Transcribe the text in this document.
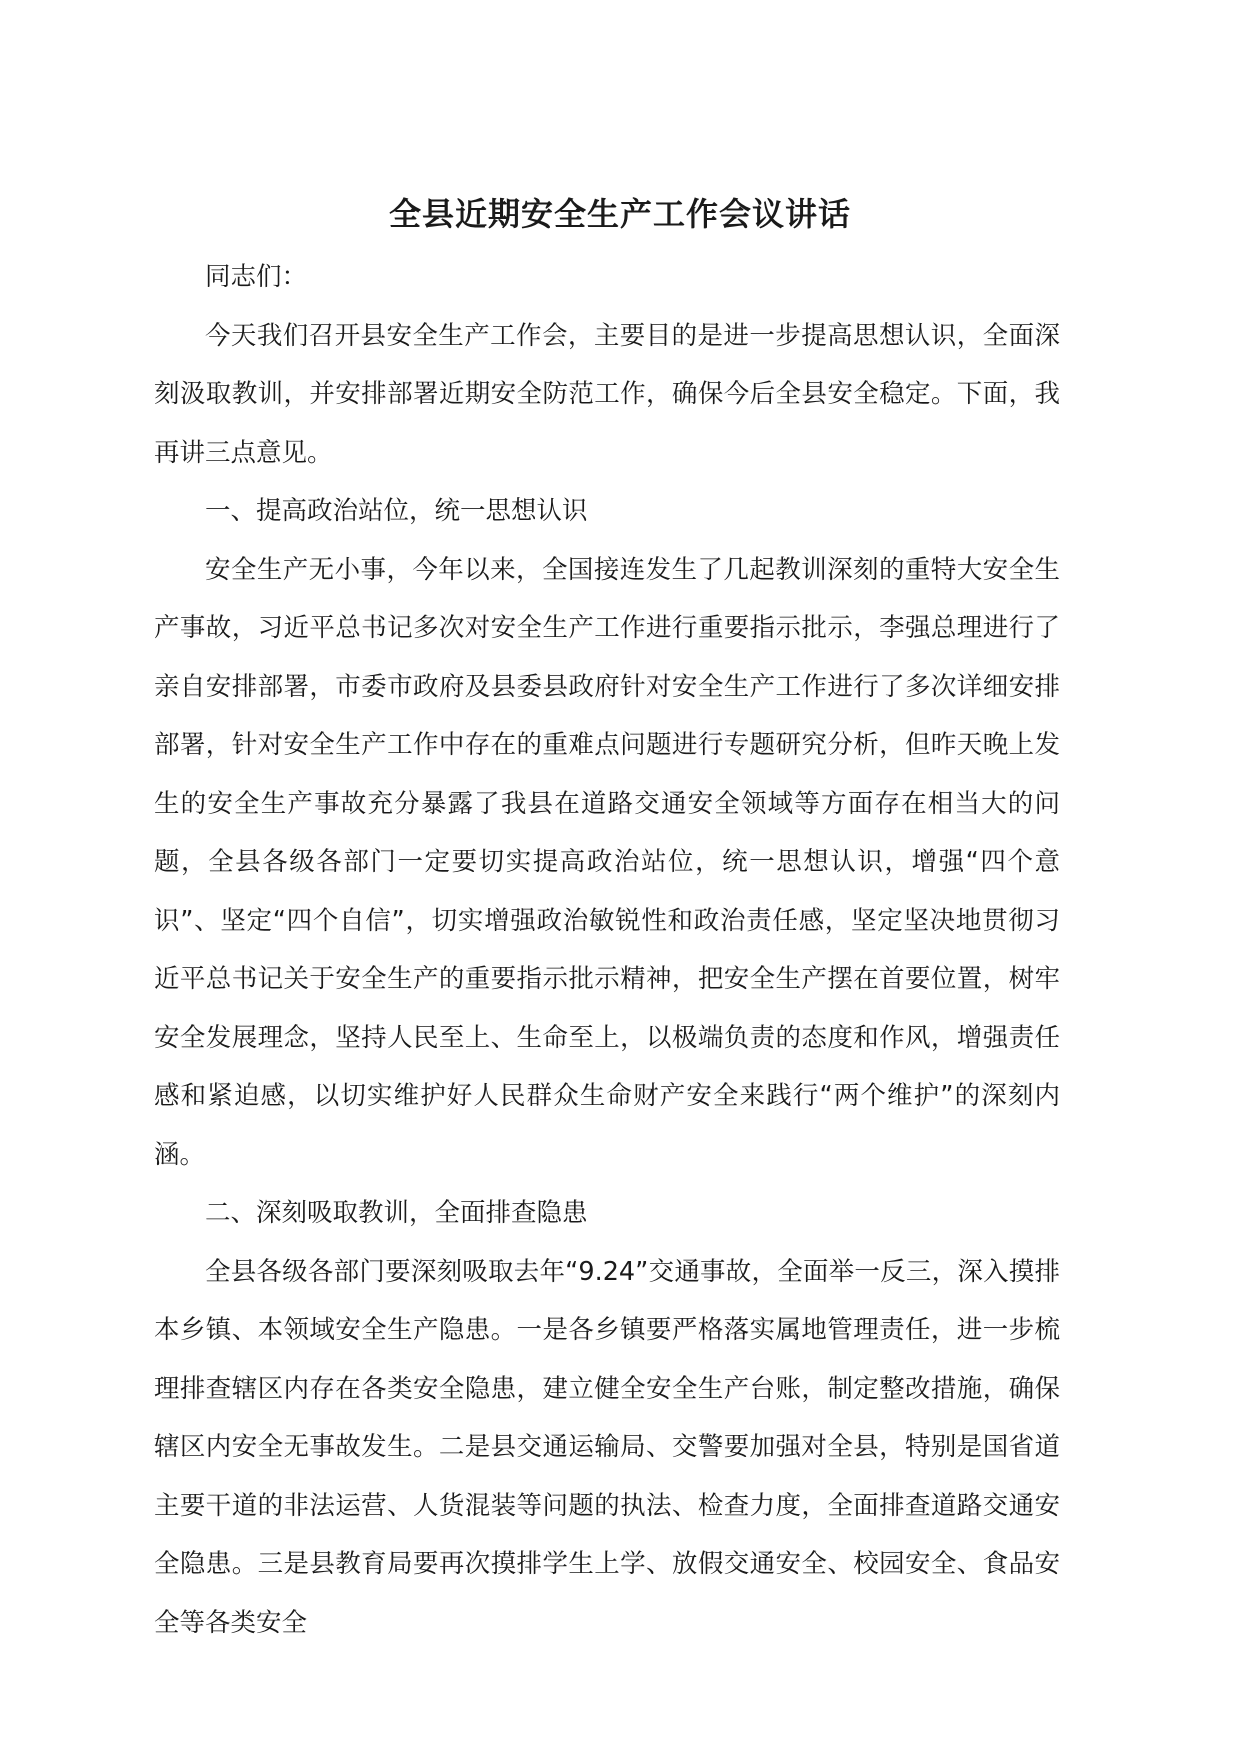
全县近期安全生产工作会议讲话

同志们：

今天我们召开县安全生产工作会，主要目的是进一步提高思想认识，全面深刻汲取教训，并安排部署近期安全防范工作，确保今后全县安全稳定。下面，我再讲三点意见。

一、提高政治站位，统一思想认识

安全生产无小事，今年以来，全国接连发生了几起教训深刻的重特大安全生产事故，习近平总书记多次对安全生产工作进行重要指示批示，李强总理进行了亲自安排部署，市委市政府及县委县政府针对安全生产工作进行了多次详细安排部署，针对安全生产工作中存在的重难点问题进行专题研究分析，但昨天晚上发生的安全生产事故充分暴露了我县在道路交通安全领域等方面存在相当大的问题，全县各级各部门一定要切实提高政治站位，统一思想认识，增强“四个意识”、坚定“四个自信”，切实增强政治敏锐性和政治责任感，坚定坚决地贯彻习近平总书记关于安全生产的重要指示批示精神，把安全生产摆在首要位置，树牢安全发展理念，坚持人民至上、生命至上，以极端负责的态度和作风，增强责任感和紧迫感，以切实维护好人民群众生命财产安全来践行“两个维护”的深刻内涵。

二、深刻吸取教训，全面排查隐患

全县各级各部门要深刻吸取去年“9.24”交通事故，全面举一反三，深入摸排本乡镇、本领域安全生产隐患。一是各乡镇要严格落实属地管理责任，进一步梳理排查辖区内存在各类安全隐患，建立健全安全生产台账，制定整改措施，确保辖区内安全无事故发生。二是县交通运输局、交警要加强对全县，特别是国省道主要干道的非法运营、人货混装等问题的执法、检查力度，全面排查道路交通安全隐患。三是县教育局要再次摸排学生上学、放假交通安全、校园安全、食品安全等各类安全
